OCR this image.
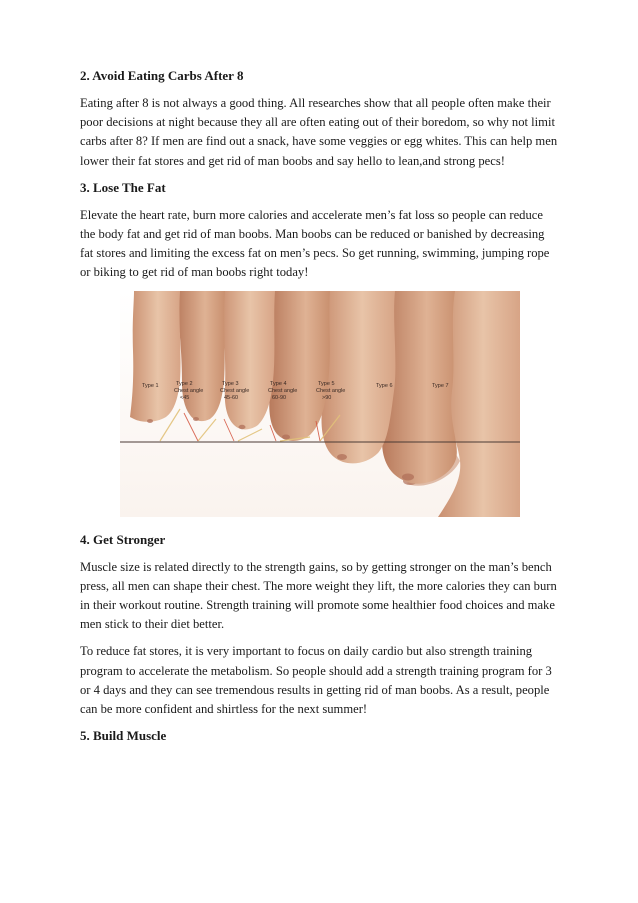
2. Avoid Eating Carbs After 8

Eating after 8 is not always a good thing. All researches show that all people often make their poor decisions at night because they all are often eating out of their boredom, so why not limit carbs after 8? If men are find out a snack, have some veggies or egg whites. This can help men lower their fat stores and get rid of man boobs and say hello to lean,and strong pecs!

3. Lose The Fat

Elevate the heart rate, burn more calories and accelerate men’s fat loss so people can reduce the body fat and get rid of man boobs. Man boobs can be reduced or banished by decreasing fat stores and limiting the excess fat on men’s pecs. So get running, swimming, jumping rope or biking to get rid of man boobs right today!

Type 1	Type 2
Chest angle
<45
Type 3
Chest angle
45-60
Type 4
Chest angle
60-90
Type 5
Chest angle
>90
Type 6	Type 7
4. Get Stronger

Muscle size is related directly to the strength gains, so by getting stronger on the man’s bench press, all men can shape their chest. The more weight they lift, the more calories they can burn in their workout routine. Strength training will promote some healthier food choices and make men stick to their diet better.

To reduce fat stores, it is very important to focus on daily cardio but also strength training program to accelerate the metabolism. So people should add a strength training program for 3 or 4 days and they can see tremendous results in getting rid of man boobs. As a result, people can be more confident and shirtless for the next summer!

5. Build Muscle
